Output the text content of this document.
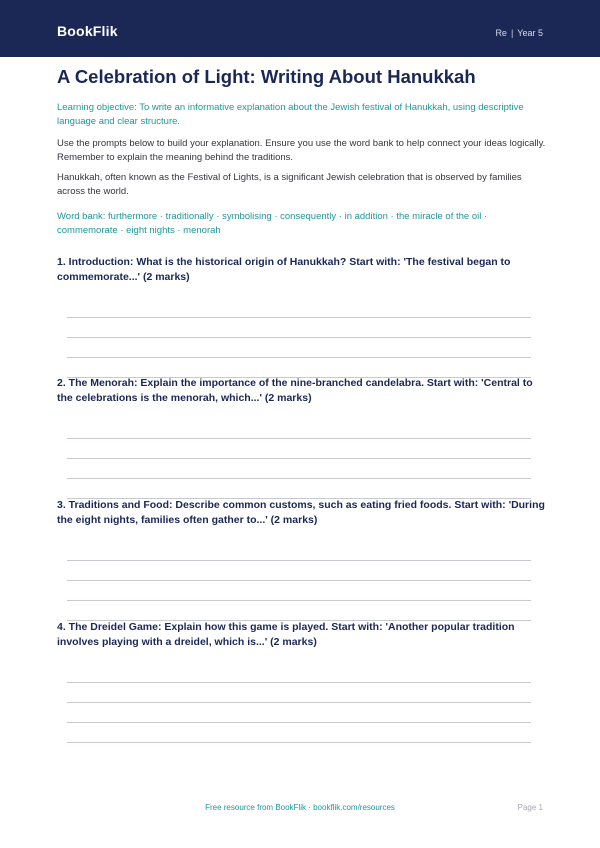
BookFlik	Re | Year 5
A Celebration of Light: Writing About Hanukkah

Learning objective: To write an informative explanation about the Jewish festival of Hanukkah, using descriptive language and clear structure.

Use the prompts below to build your explanation. Ensure you use the word bank to help connect your ideas logically. Remember to explain the meaning behind the traditions.

Hanukkah, often known as the Festival of Lights, is a significant Jewish celebration that is observed by families across the world.

Word bank: furthermore · traditionally · symbolising · consequently · in addition · the miracle of the oil · commemorate · eight nights · menorah

1. Introduction: What is the historical origin of Hanukkah? Start with: 'The festival began to commemorate...' (2 marks)

2. The Menorah: Explain the importance of the nine-branched candelabra. Start with: 'Central to the celebrations is the menorah, which...' (2 marks)

3. Traditions and Food: Describe common customs, such as eating fried foods. Start with: 'During the eight nights, families often gather to...' (2 marks)

4. The Dreidel Game: Explain how this game is played. Start with: 'Another popular tradition involves playing with a dreidel, which is...' (2 marks)

Free resource from BookFlik · bookflik.com/resources	Page 1
